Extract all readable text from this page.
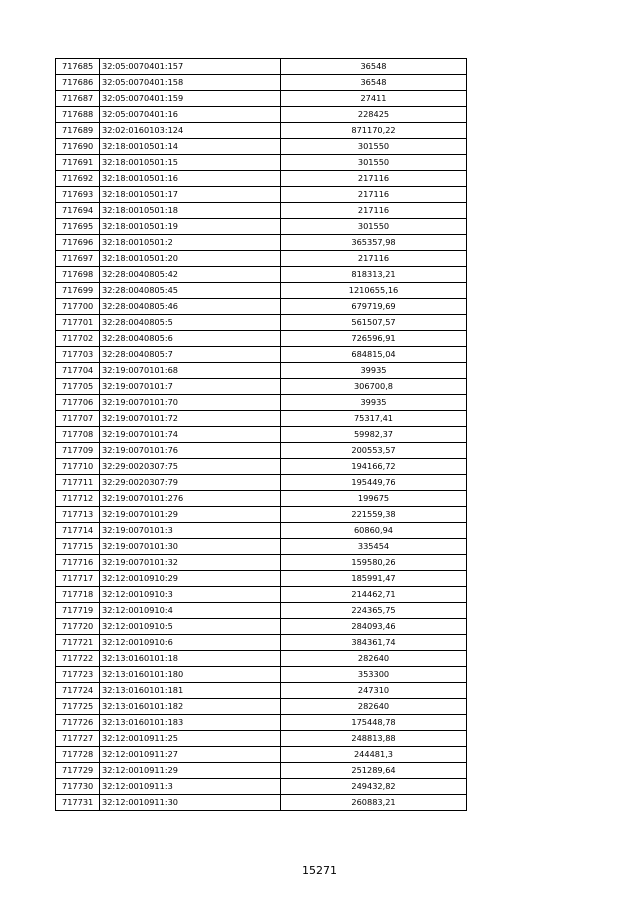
717685	32:05:0070401:157	36548
717686	32:05:0070401:158	36548
717687	32:05:0070401:159	27411
717688	32:05:0070401:16	228425
717689	32:02:0160103:124	871170,22
717690	32:18:0010501:14	301550
717691	32:18:0010501:15	301550
717692	32:18:0010501:16	217116
717693	32:18:0010501:17	217116
717694	32:18:0010501:18	217116
717695	32:18:0010501:19	301550
717696	32:18:0010501:2	365357,98
717697	32:18:0010501:20	217116
717698	32:28:0040805:42	818313,21
717699	32:28:0040805:45	1210655,16
717700	32:28:0040805:46	679719,69
717701	32:28:0040805:5	561507,57
717702	32:28:0040805:6	726596,91
717703	32:28:0040805:7	684815,04
717704	32:19:0070101:68	39935
717705	32:19:0070101:7	306700,8
717706	32:19:0070101:70	39935
717707	32:19:0070101:72	75317,41
717708	32:19:0070101:74	59982,37
717709	32:19:0070101:76	200553,57
717710	32:29:0020307:75	194166,72
717711	32:29:0020307:79	195449,76
717712	32:19:0070101:276	199675
717713	32:19:0070101:29	221559,38
717714	32:19:0070101:3	60860,94
717715	32:19:0070101:30	335454
717716	32:19:0070101:32	159580,26
717717	32:12:0010910:29	185991,47
717718	32:12:0010910:3	214462,71
717719	32:12:0010910:4	224365,75
717720	32:12:0010910:5	284093,46
717721	32:12:0010910:6	384361,74
717722	32:13:0160101:18	282640
717723	32:13:0160101:180	353300
717724	32:13:0160101:181	247310
717725	32:13:0160101:182	282640
717726	32:13:0160101:183	175448,78
717727	32:12:0010911:25	248813,88
717728	32:12:0010911:27	244481,3
717729	32:12:0010911:29	251289,64
717730	32:12:0010911:3	249432,82
717731	32:12:0010911:30	260883,21
15271
